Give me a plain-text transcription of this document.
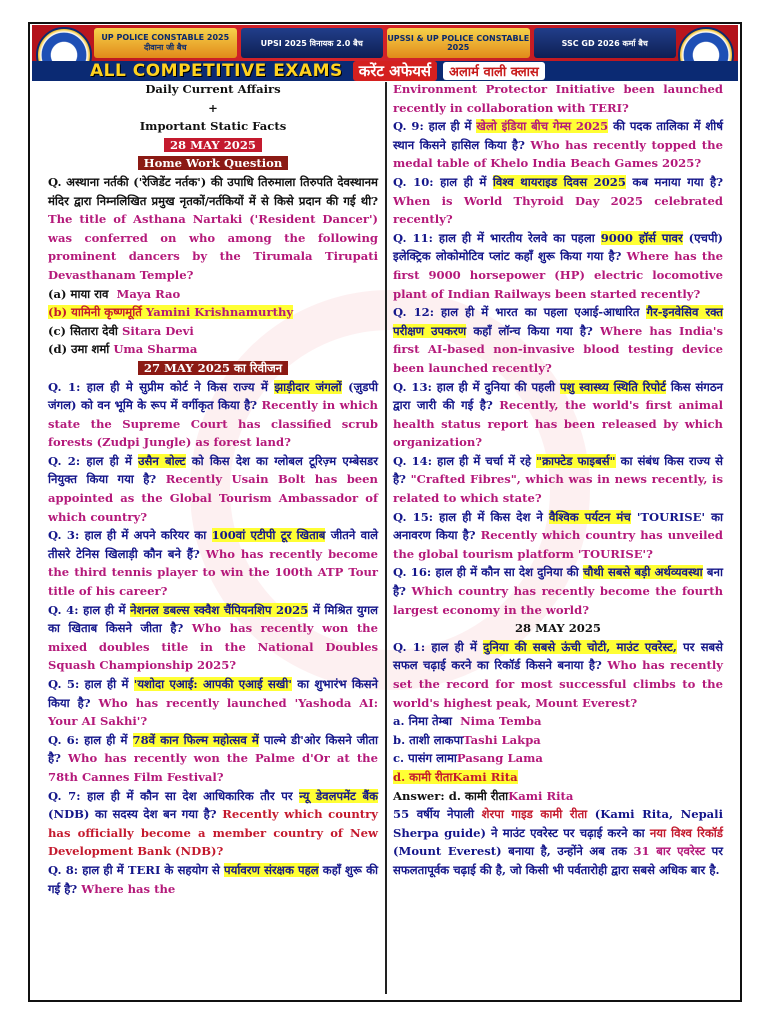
UP POLICE CONSTABLE 2025 दीवाना जी बैच	UPSI 2025 विनायक 2.0 बैच	UPSSI & UP POLICE CONSTABLE 2025	SSC GD 2026 कर्मा बैच
ALL COMPETITIVE EXAMS	करेंट अफेयर्स	अलार्म वाली क्लास

Daily Current Affairs

+

Important Static Facts

28 MAY 2025

Home Work Question

Q. अस्थाना नर्तकी ('रेजिडेंट नर्तक') की उपाधि तिरुमाला तिरुपति देवस्थानम मंदिर द्वारा निम्नलिखित प्रमुख नृतकों/नर्तकियों में से किसे प्रदान की गई थी? The title of Asthana Nartaki ('Resident Dancer') was conferred on who among the following prominent dancers by the Tirumala Tirupati Devasthanam Temple?

(a) माया राव Maya Rao

(b) यामिनी कृष्णमूर्ति Yamini Krishnamurthy

(c) सितारा देवी Sitara Devi

(d) उमा शर्मा Uma Sharma

27 MAY 2025 का रिवीजन

Q. 1: हाल ही मे सुप्रीम कोर्ट ने किस राज्य में झाड़ीदार जंगलों (ज़ुडपी जंगल) को वन भूमि के रूप में वर्गीकृत किया है? Recently in which state the Supreme Court has classified scrub forests (Zudpi Jungle) as forest land?

Q. 2: हाल ही में उसैन बोल्ट को किस देश का ग्लोबल टूरिज़्म एम्बेसडर नियुक्त किया गया है? Recently Usain Bolt has been appointed as the Global Tourism Ambassador of which country?

Q. 3: हाल ही में अपने करियर का 100वां एटीपी टूर खिताब जीतने वाले तीसरे टेनिस खिलाड़ी कौन बने हैं? Who has recently become the third tennis player to win the 100th ATP Tour title of his career?

Q. 4: हाल ही में नेशनल डबल्स स्क्वैश चैंपियनशिप 2025 में मिश्रित युगल का खिताब किसने जीता है? Who has recently won the mixed doubles title in the National Doubles Squash Championship 2025?

Q. 5: हाल ही में 'यशोदा एआई: आपकी एआई सखी' का शुभारंभ किसने किया है? Who has recently launched 'Yashoda AI: Your AI Sakhi'?

Q. 6: हाल ही में 78वें कान फिल्म महोत्सव में पाल्मे डी'ओर किसने जीता है? Who has recently won the Palme d'Or at the 78th Cannes Film Festival?

Q. 7: हाल ही में कौन सा देश आधिकारिक तौर पर न्यू डेवलपमेंट बैंक (NDB) का सदस्य देश बन गया है? Recently which country has officially become a member country of New Development Bank (NDB)?

Q. 8: हाल ही में TERI के सहयोग से पर्यावरण संरक्षक पहल कहाँ शुरू की गई है? Where has the

Environment Protector Initiative been launched recently in collaboration with TERI?

Q. 9: हाल ही में खेलो इंडिया बीच गेम्स 2025 की पदक तालिका में शीर्ष स्थान किसने हासिल किया है? Who has recently topped the medal table of Khelo India Beach Games 2025?

Q. 10: हाल ही में विश्व थायराइड दिवस 2025 कब मनाया गया है? When is World Thyroid Day 2025 celebrated recently?

Q. 11: हाल ही में भारतीय रेलवे का पहला 9000 हॉर्स पावर (एचपी) इलेक्ट्रिक लोकोमोटिव प्लांट कहाँ शुरू किया गया है? Where has the first 9000 horsepower (HP) electric locomotive plant of Indian Railways been started recently?

Q. 12: हाल ही में भारत का पहला एआई-आधारित गैर-इनवेसिव रक्त परीक्षण उपकरण कहाँ लॉन्च किया गया है? Where has India's first AI-based non-invasive blood testing device been launched recently?

Q. 13: हाल ही में दुनिया की पहली पशु स्वास्थ्य स्थिति रिपोर्ट किस संगठन द्वारा जारी की गई है? Recently, the world's first animal health status report has been released by which organization?

Q. 14: हाल ही में चर्चा में रहे "क्राफ्टेड फाइबर्स" का संबंध किस राज्य से है? "Crafted Fibres", which was in news recently, is related to which state?

Q. 15: हाल ही में किस देश ने वैश्विक पर्यटन मंच 'TOURISE' का अनावरण किया है? Recently which country has unveiled the global tourism platform 'TOURISE'?

Q. 16: हाल ही में कौन सा देश दुनिया की चौथी सबसे बड़ी अर्थव्यवस्था बना है? Which country has recently become the fourth largest economy in the world?

28 MAY 2025

Q. 1: हाल ही में दुनिया की सबसे ऊंची चोटी, माउंट एवरेस्ट, पर सबसे सफल चढ़ाई करने का रिकॉर्ड किसने बनाया है? Who has recently set the record for most successful climbs to the world's highest peak, Mount Everest?

a. निमा तेम्बा Nima Temba

b. ताशी लाकपाTashi Lakpa

c. पासंग लामाPasang Lama

d. कामी रीताKami Rita

Answer: d. कामी रीताKami Rita

55 वर्षीय नेपाली शेरपा गाइड कामी रीता (Kami Rita, Nepali Sherpa guide) ने माउंट एवरेस्ट पर चढ़ाई करने का नया विश्व रिकॉर्ड (Mount Everest) बनाया है, उन्होंने अब तक 31 बार एवरेस्ट पर सफलतापूर्वक चढ़ाई की है, जो किसी भी पर्वतारोही द्वारा सबसे अधिक बार है.
